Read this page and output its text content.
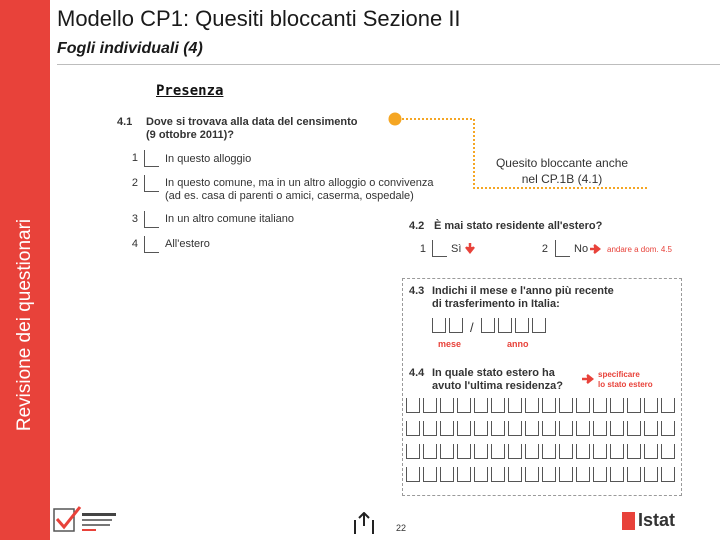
Revisione dei questionari
Modello CP1: Quesiti bloccanti Sezione II
Fogli individuali (4)
Presenza
4.1 Dove si trovava alla data del censimento
(9 ottobre 2011)?
1 In questo alloggio
2 In questo comune, ma in un altro alloggio o convivenza
(ad es. casa di parenti o amici, caserma, ospedale)
3 In un altro comune italiano
4 All'estero
Quesito bloccante anche
nel CP.1B (4.1)
4.2 È mai stato residente all'estero?
1 Sì	2 No andare a dom. 4.5
4.3 Indichi il mese e l'anno più recente
di trasferimento in Italia:
/
mese	anno
4.4 In quale stato estero ha
avuto l'ultima residenza?
specificare
lo stato estero
22	Istat
